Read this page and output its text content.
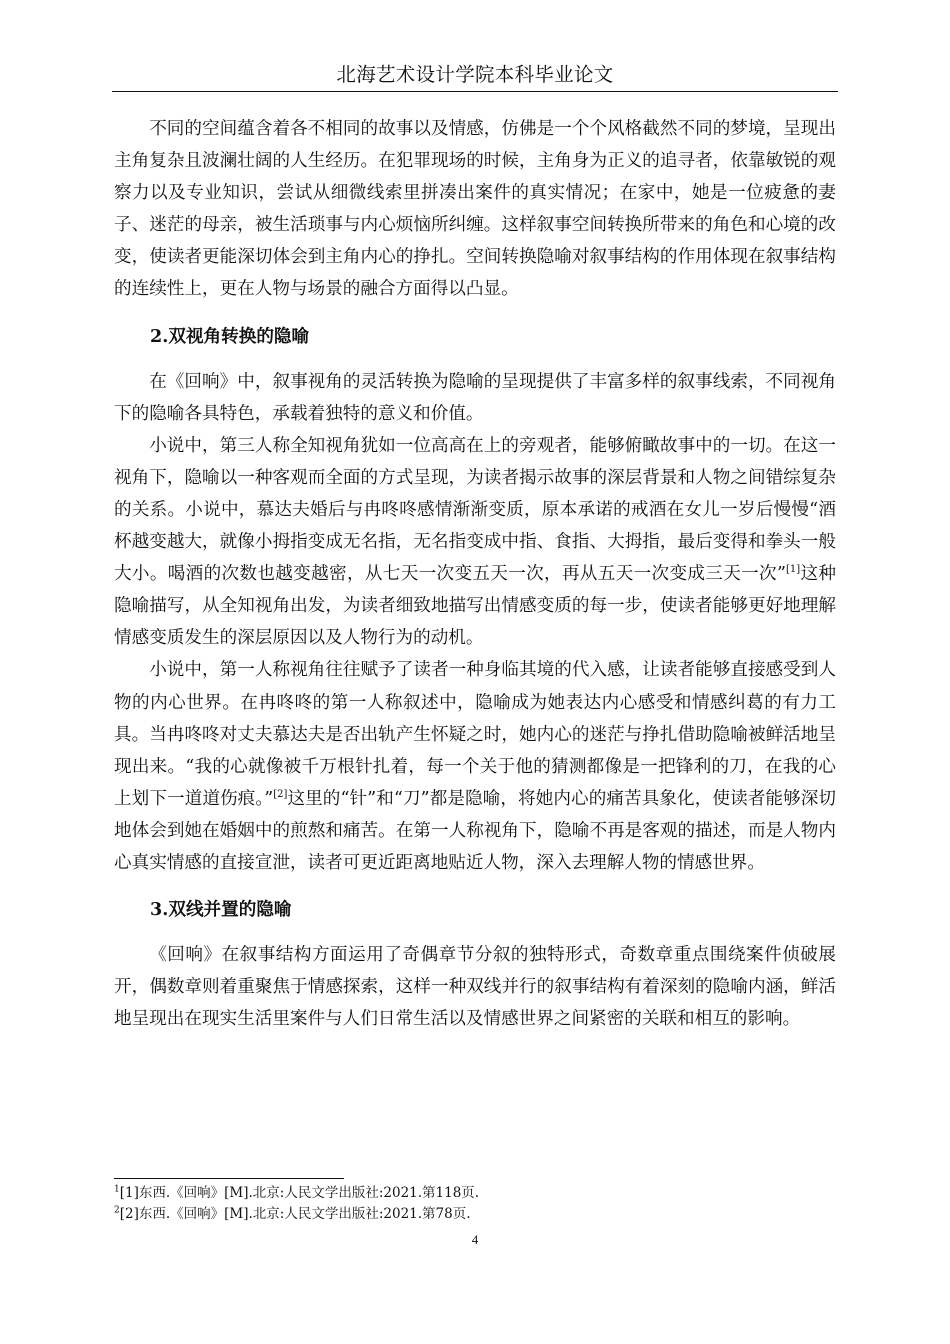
北海艺术设计学院本科毕业论文

不同的空间蕴含着各不相同的故事以及情感，仿佛是一个个风格截然不同的梦境，呈现出主角复杂且波澜壮阔的人生经历。在犯罪现场的时候，主角身为正义的追寻者，依靠敏锐的观察力以及专业知识，尝试从细微线索里拼凑出案件的真实情况；在家中，她是一位疲惫的妻子、迷茫的母亲，被生活琐事与内心烦恼所纠缠。这样叙事空间转换所带来的角色和心境的改变，使读者更能深切体会到主角内心的挣扎。空间转换隐喻对叙事结构的作用体现在叙事结构的连续性上，更在人物与场景的融合方面得以凸显。

2.双视角转换的隐喻

在《回响》中，叙事视角的灵活转换为隐喻的呈现提供了丰富多样的叙事线索，不同视角下的隐喻各具特色，承载着独特的意义和价值。

小说中，第三人称全知视角犹如一位高高在上的旁观者，能够俯瞰故事中的一切。在这一视角下，隐喻以一种客观而全面的方式呈现，为读者揭示故事的深层背景和人物之间错综复杂的关系。小说中，慕达夫婚后与冉咚咚感情渐渐变质，原本承诺的戒酒在女儿一岁后慢慢“酒杯越变越大，就像小拇指变成无名指，无名指变成中指、食指、大拇指，最后变得和拳头一般大小。喝酒的次数也越变越密，从七天一次变五天一次，再从五天一次变成三天一次”[1]这种隐喻描写，从全知视角出发，为读者细致地描写出情感变质的每一步，使读者能够更好地理解情感变质发生的深层原因以及人物行为的动机。

小说中，第一人称视角往往赋予了读者一种身临其境的代入感，让读者能够直接感受到人物的内心世界。在冉咚咚的第一人称叙述中，隐喻成为她表达内心感受和情感纠葛的有力工具。当冉咚咚对丈夫慕达夫是否出轨产生怀疑之时，她内心的迷茫与挣扎借助隐喻被鲜活地呈现出来。“我的心就像被千万根针扎着，每一个关于他的猜测都像是一把锋利的刀，在我的心上划下一道道伤痕。”[2]这里的“针”和“刀”都是隐喻，将她内心的痛苦具象化，使读者能够深切地体会到她在婚姻中的煎熬和痛苦。在第一人称视角下，隐喻不再是客观的描述，而是人物内心真实情感的直接宣泄，读者可更近距离地贴近人物，深入去理解人物的情感世界。

3.双线并置的隐喻

《回响》在叙事结构方面运用了奇偶章节分叙的独特形式，奇数章重点围绕案件侦破展开，偶数章则着重聚焦于情感探索，这样一种双线并行的叙事结构有着深刻的隐喻内涵，鲜活地呈现出在现实生活里案件与人们日常生活以及情感世界之间紧密的关联和相互的影响。

$^1$[1]东西.《回响》[M].北京:人民文学出版社:2021.第118页.
$^2$[2]东西.《回响》[M].北京:人民文学出版社:2021.第78页.
4
